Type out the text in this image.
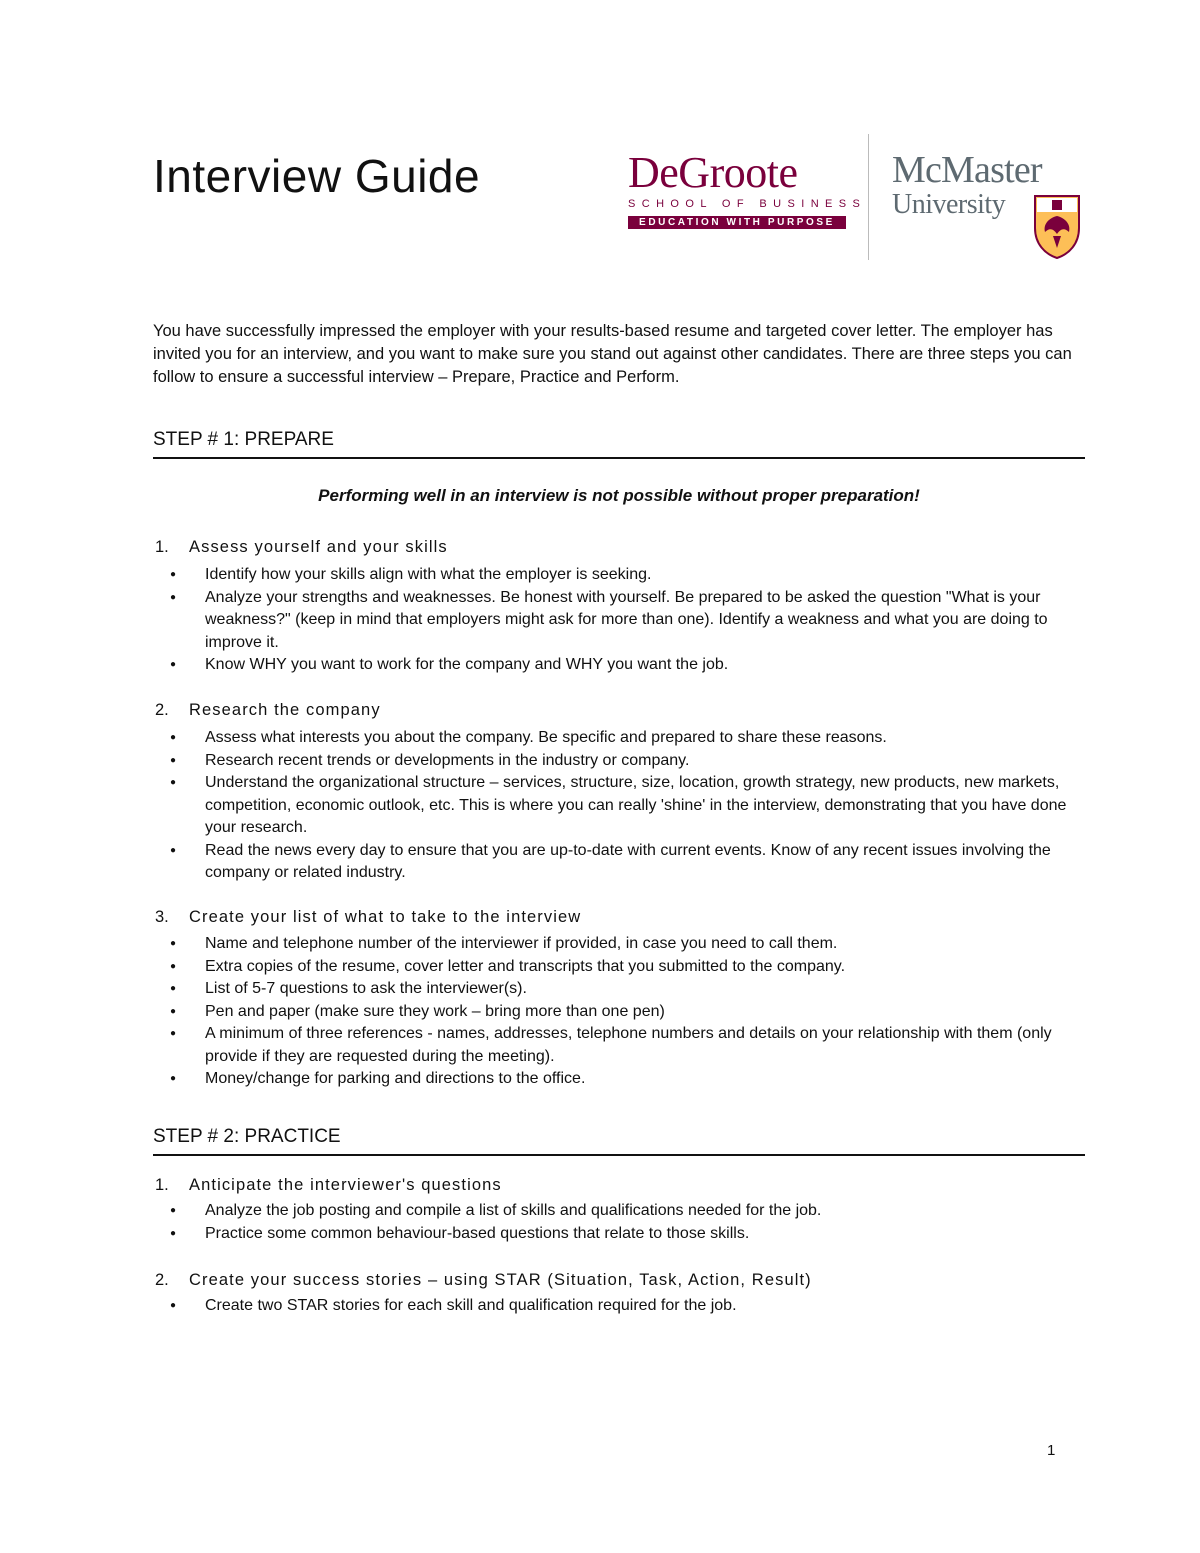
Interview Guide	DeGroote
SCHOOL OF BUSINESS
EDUCATION WITH PURPOSE
McMaster
University

You have successfully impressed the employer with your results-based resume and targeted cover letter. The employer has invited you for an interview, and you want to make sure you stand out against other candidates. There are three steps you can follow to ensure a successful interview – Prepare, Practice and Perform.

STEP # 1: PREPARE
Performing well in an interview is not possible without proper preparation!
1. Assess yourself and your skills
● Identify how your skills align with what the employer is seeking.
● Analyze your strengths and weaknesses. Be honest with yourself. Be prepared to be asked the question "What is your weakness?" (keep in mind that employers might ask for more than one). Identify a weakness and what you are doing to improve it.
● Know WHY you want to work for the company and WHY you want the job.
2. Research the company
● Assess what interests you about the company. Be specific and prepared to share these reasons.
● Research recent trends or developments in the industry or company.
● Understand the organizational structure – services, structure, size, location, growth strategy, new products, new markets, competition, economic outlook, etc. This is where you can really 'shine' in the interview, demonstrating that you have done your research.
● Read the news every day to ensure that you are up-to-date with current events. Know of any recent issues involving the company or related industry.
3. Create your list of what to take to the interview
● Name and telephone number of the interviewer if provided, in case you need to call them.
● Extra copies of the resume, cover letter and transcripts that you submitted to the company.
● List of 5-7 questions to ask the interviewer(s).
● Pen and paper (make sure they work – bring more than one pen)
● A minimum of three references - names, addresses, telephone numbers and details on your relationship with them (only provide if they are requested during the meeting).
● Money/change for parking and directions to the office.
STEP # 2: PRACTICE
1. Anticipate the interviewer's questions
● Analyze the job posting and compile a list of skills and qualifications needed for the job.
● Practice some common behaviour-based questions that relate to those skills.
2. Create your success stories – using STAR (Situation, Task, Action, Result)
● Create two STAR stories for each skill and qualification required for the job.
1
